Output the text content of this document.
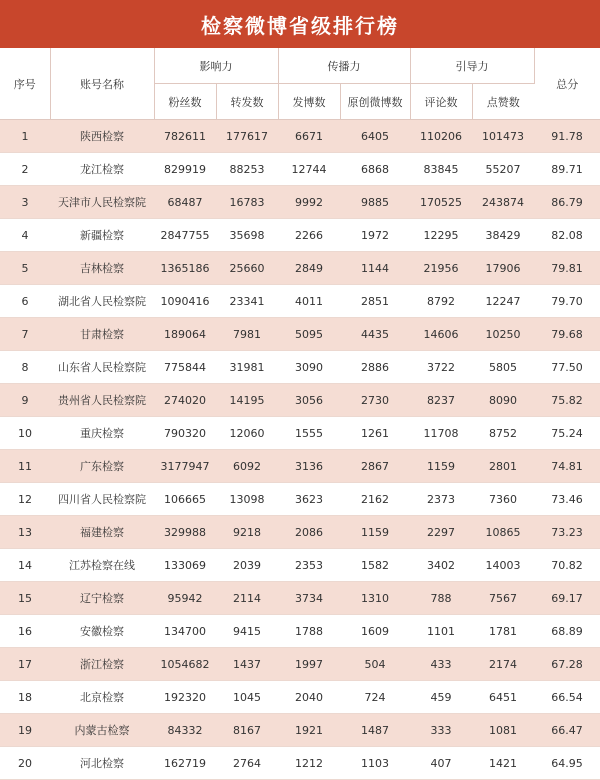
检察微博省级排行榜
序号	账号名称	影响力		传播力		引导力		总分
		粉丝数	转发数	发博数	原创微博数	评论数	点赞数	
1	陕西检察	782611	177617	6671	6405	110206	101473	91.78
2	龙江检察	829919	88253	12744	6868	83845	55207	89.71
3	天津市人民检察院	68487	16783	9992	9885	170525	243874	86.79
4	新疆检察	2847755	35698	2266	1972	12295	38429	82.08
5	吉林检察	1365186	25660	2849	1144	21956	17906	79.81
6	湖北省人民检察院	1090416	23341	4011	2851	8792	12247	79.70
7	甘肃检察	189064	7981	5095	4435	14606	10250	79.68
8	山东省人民检察院	775844	31981	3090	2886	3722	5805	77.50
9	贵州省人民检察院	274020	14195	3056	2730	8237	8090	75.82
10	重庆检察	790320	12060	1555	1261	11708	8752	75.24
11	广东检察	3177947	6092	3136	2867	1159	2801	74.81
12	四川省人民检察院	106665	13098	3623	2162	2373	7360	73.46
13	福建检察	329988	9218	2086	1159	2297	10865	73.23
14	江苏检察在线	133069	2039	2353	1582	3402	14003	70.82
15	辽宁检察	95942	2114	3734	1310	788	7567	69.17
16	安徽检察	134700	9415	1788	1609	1101	1781	68.89
17	浙江检察	1054682	1437	1997	504	433	2174	67.28
18	北京检察	192320	1045	2040	724	459	6451	66.54
19	内蒙古检察	84332	8167	1921	1487	333	1081	66.47
20	河北检察	162719	2764	1212	1103	407	1421	64.95
